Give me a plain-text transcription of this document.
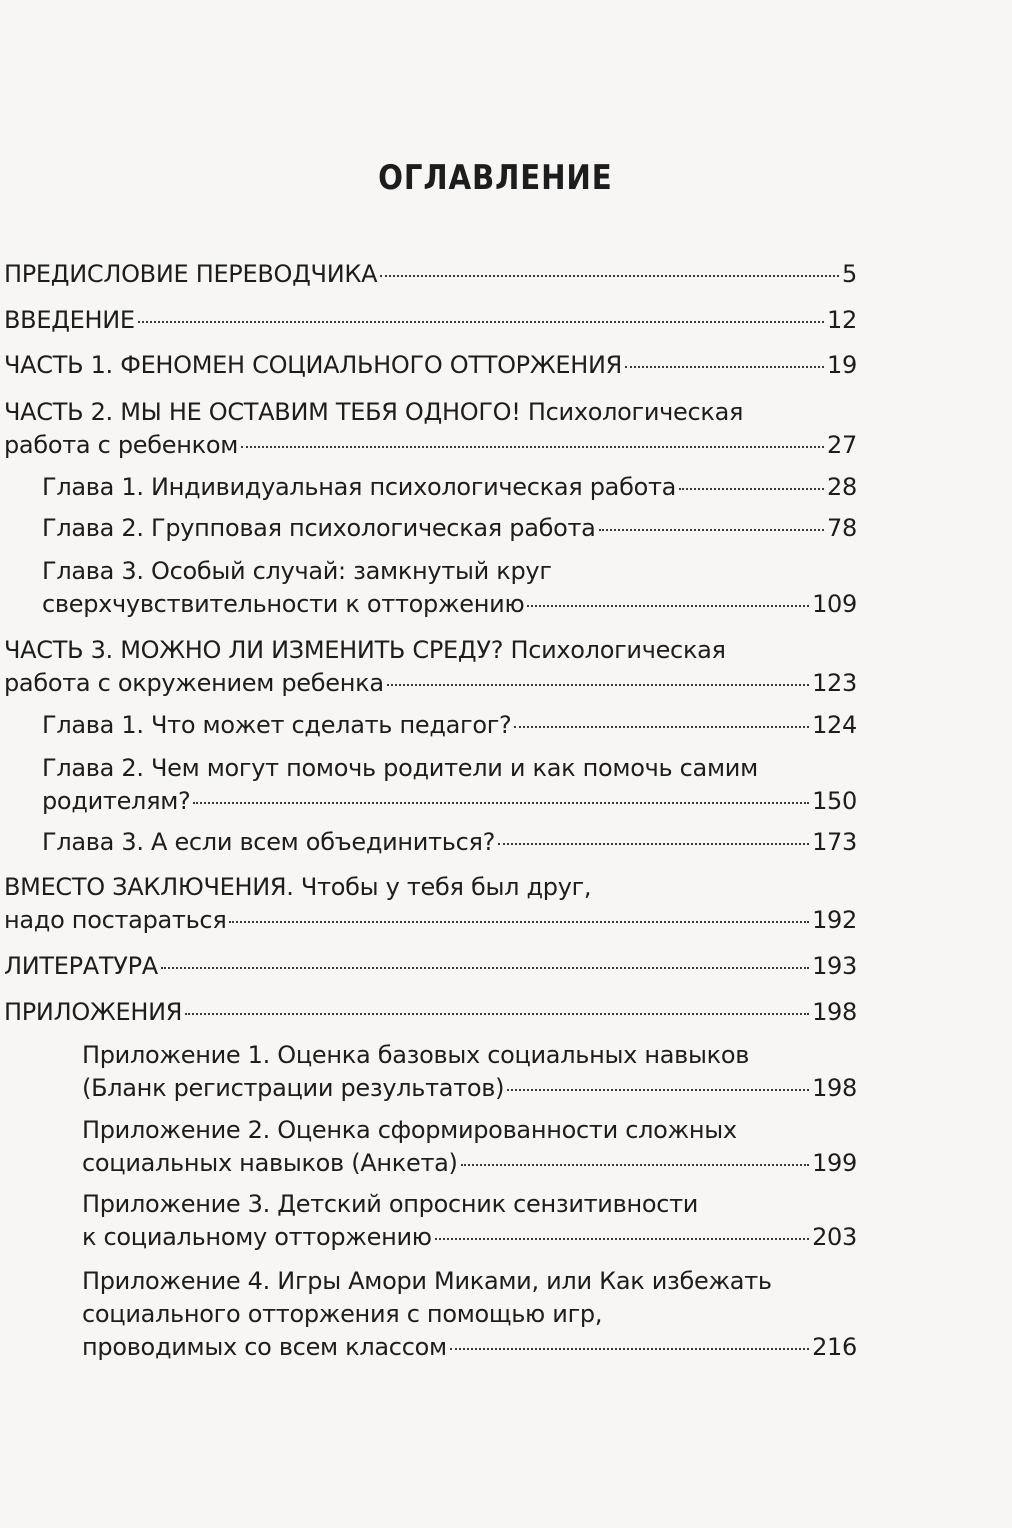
ОГЛАВЛЕНИЕ
ПРЕДИСЛОВИЕ ПЕРЕВОДЧИКА	5
ВВЕДЕНИЕ	12
ЧАСТЬ 1. ФЕНОМЕН СОЦИАЛЬНОГО ОТТОРЖЕНИЯ	19
ЧАСТЬ 2. МЫ НЕ ОСТАВИМ ТЕБЯ ОДНОГО! Психологическая
работа с ребенком	27
Глава 1. Индивидуальная психологическая работа	28
Глава 2. Групповая психологическая работа	78
Глава 3. Особый случай: замкнутый круг
сверхчувствительности к отторжению	109
ЧАСТЬ 3. МОЖНО ЛИ ИЗМЕНИТЬ СРЕДУ? Психологическая
работа с окружением ребенка	123
Глава 1. Что может сделать педагог?	124
Глава 2. Чем могут помочь родители и как помочь самим
родителям?	150
Глава 3. А если всем объединиться?	173
ВМЕСТО ЗАКЛЮЧЕНИЯ. Чтобы у тебя был друг,
надо постараться	192
ЛИТЕРАТУРА	193
ПРИЛОЖЕНИЯ	198
Приложение 1. Оценка базовых социальных навыков
(Бланк регистрации результатов)	198
Приложение 2. Оценка сформированности сложных
социальных навыков (Анкета)	199
Приложение 3. Детский опросник сензитивности
к социальному отторжению	203
Приложение 4. Игры Амори Миками, или Как избежать
социального отторжения с помощью игр,
проводимых со всем классом	216
